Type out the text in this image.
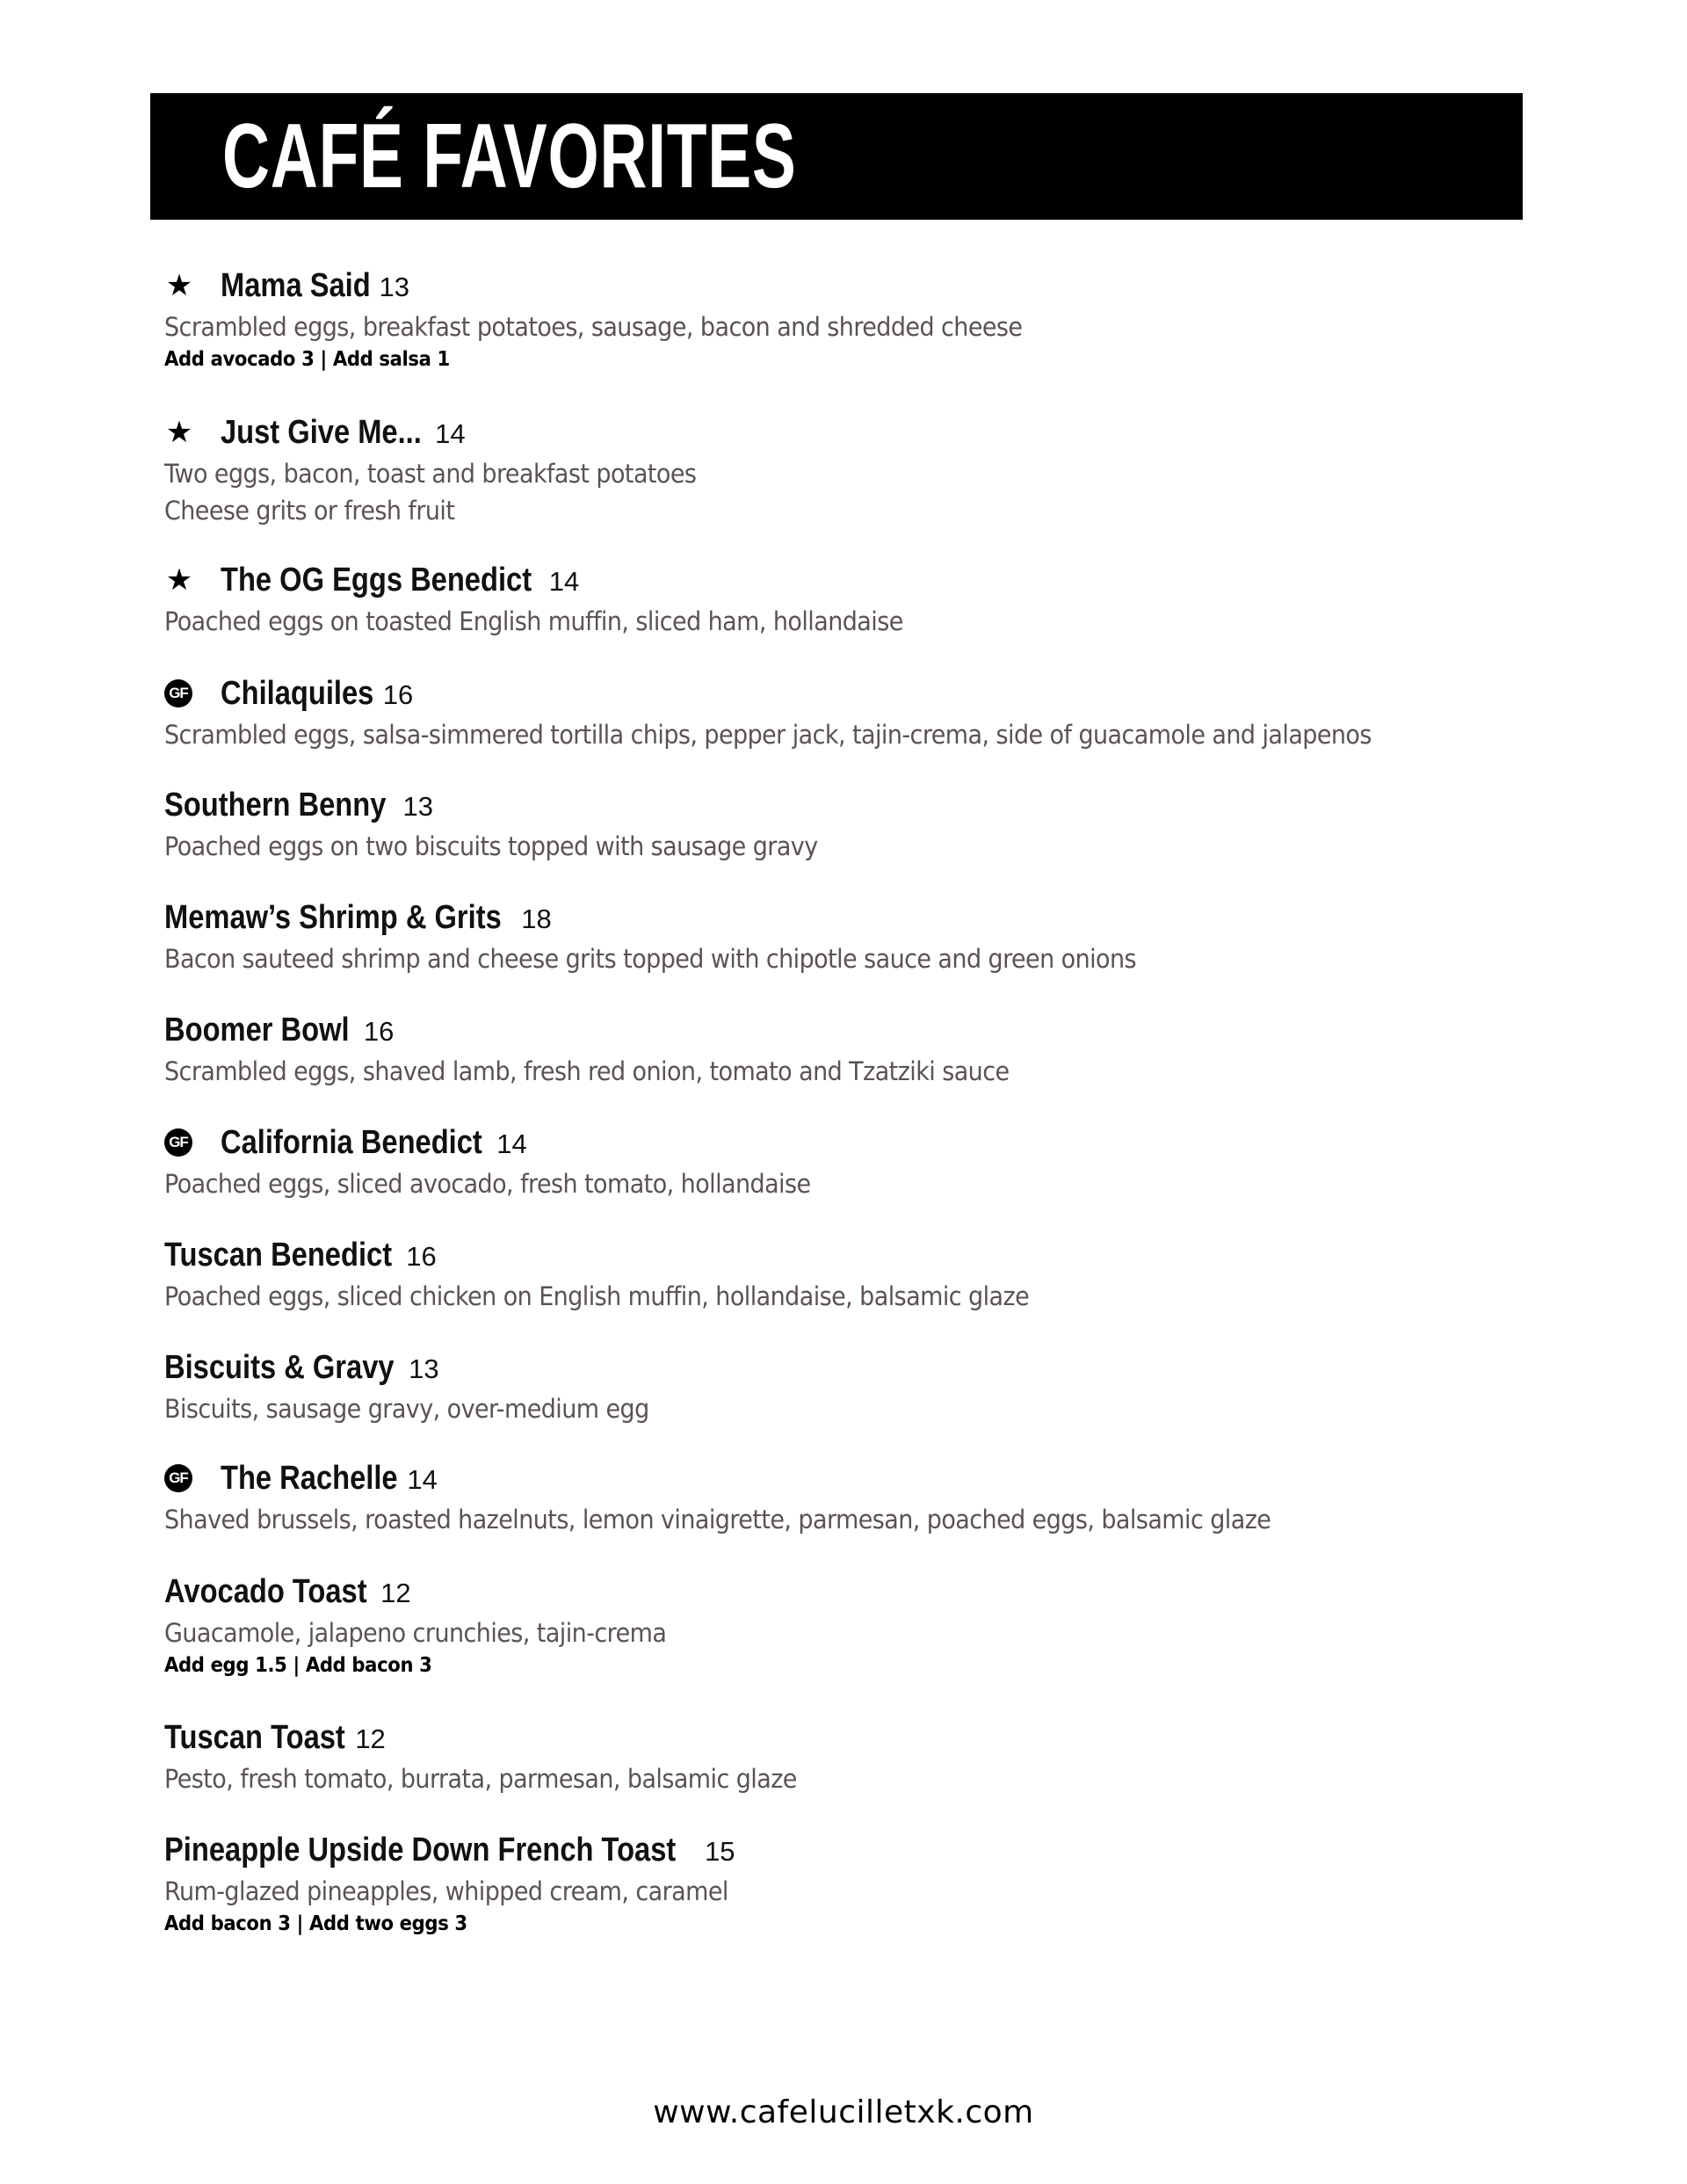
CAFÉ FAVORITES
★ Mama Said 13
Scrambled eggs, breakfast potatoes, sausage, bacon and shredded cheese
Add avocado 3 | Add salsa 1
★ Just Give Me... 14
Two eggs, bacon, toast and breakfast potatoes
Cheese grits or fresh fruit
★ The OG Eggs Benedict 14
Poached eggs on toasted English muffin, sliced ham, hollandaise
GF Chilaquiles 16
Scrambled eggs, salsa-simmered tortilla chips, pepper jack, tajin-crema, side of guacamole and jalapenos
Southern Benny 13
Poached eggs on two biscuits topped with sausage gravy
Memaw’s Shrimp & Grits 18
Bacon sauteed shrimp and cheese grits topped with chipotle sauce and green onions
Boomer Bowl 16
Scrambled eggs, shaved lamb, fresh red onion, tomato and Tzatziki sauce
GF California Benedict 14
Poached eggs, sliced avocado, fresh tomato, hollandaise
Tuscan Benedict 16
Poached eggs, sliced chicken on English muffin, hollandaise, balsamic glaze
Biscuits & Gravy 13
Biscuits, sausage gravy, over-medium egg
GF The Rachelle 14
Shaved brussels, roasted hazelnuts, lemon vinaigrette, parmesan, poached eggs, balsamic glaze
Avocado Toast 12
Guacamole, jalapeno crunchies, tajin-crema
Add egg 1.5 | Add bacon 3
Tuscan Toast 12
Pesto, fresh tomato, burrata, parmesan, balsamic glaze
Pineapple Upside Down French Toast 15
Rum-glazed pineapples, whipped cream, caramel
Add bacon 3 | Add two eggs 3
www.cafelucilletxk.com
